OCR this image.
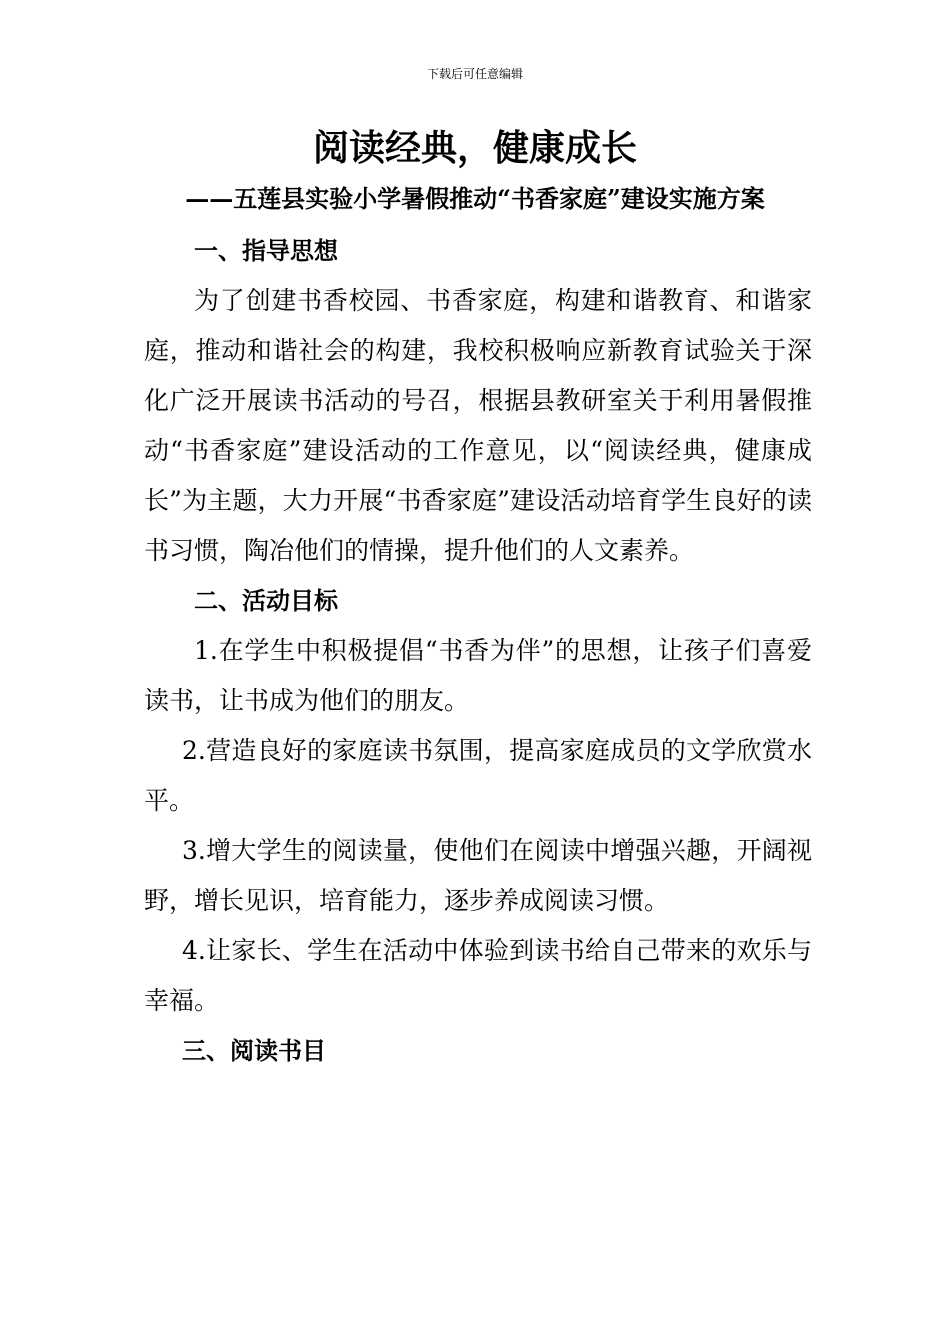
下载后可任意编辑
阅读经典，健康成长
——五莲县实验小学暑假推动“书香家庭”建设实施方案

一、指导思想

为了创建书香校园、书香家庭，构建和谐教育、和谐家庭，推动和谐社会的构建，我校积极响应新教育试验关于深化广泛开展读书活动的号召，根据县教研室关于利用暑假推动“书香家庭”建设活动的工作意见，以“阅读经典，健康成长”为主题，大力开展“书香家庭”建设活动培育学生良好的读书习惯，陶冶他们的情操，提升他们的人文素养。

二、活动目标

1.在学生中积极提倡“书香为伴”的思想，让孩子们喜爱读书，让书成为他们的朋友。

2.营造良好的家庭读书氛围，提高家庭成员的文学欣赏水平。

3.增大学生的阅读量，使他们在阅读中增强兴趣，开阔视野，增长见识，培育能力，逐步养成阅读习惯。

4.让家长、学生在活动中体验到读书给自己带来的欢乐与幸福。

三、阅读书目
